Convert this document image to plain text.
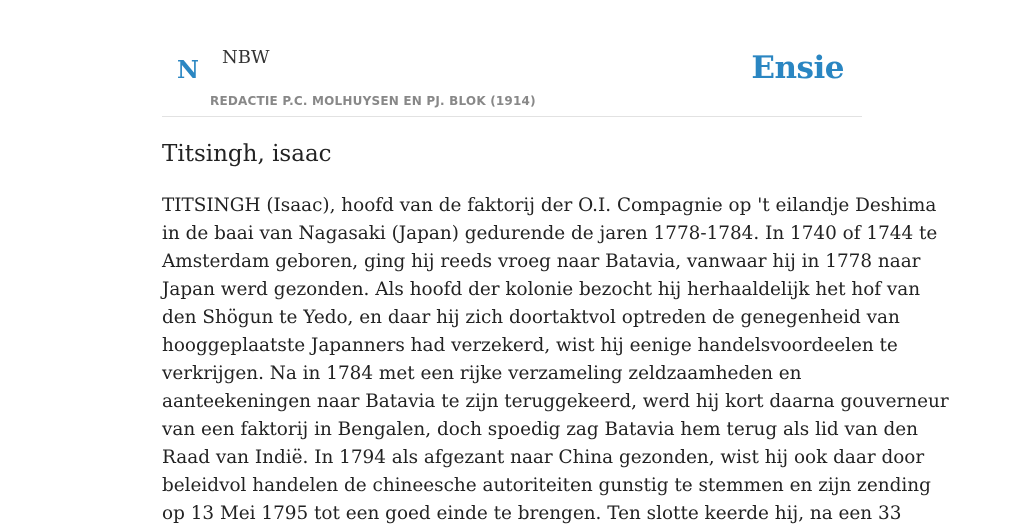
N NBW
REDACTIE P.C. MOLHUYSEN EN PJ. BLOK (1914)
Ensie
Titsingh, isaac

TITSINGH (Isaac), hoofd van de faktorij der O.I. Compagnie op 't eilandje Deshima
in de baai van Nagasaki (Japan) gedurende de jaren 1778-1784. In 1740 of 1744 te
Amsterdam geboren, ging hij reeds vroeg naar Batavia, vanwaar hij in 1778 naar
Japan werd gezonden. Als hoofd der kolonie bezocht hij herhaaldelijk het hof van
den Shögun te Yedo, en daar hij zich doortaktvol optreden de genegenheid van
hooggeplaatste Japanners had verzekerd, wist hij eenige handelsvoordeelen te
verkrijgen. Na in 1784 met een rijke verzameling zeldzaamheden en
aanteekeningen naar Batavia te zijn teruggekeerd, werd hij kort daarna gouverneur
van een faktorij in Bengalen, doch spoedig zag Batavia hem terug als lid van den
Raad van Indië. In 1794 als afgezant naar China gezonden, wist hij ook daar door
beleidvol handelen de chineesche autoriteiten gunstig te stemmen en zijn zending
op 13 Mei 1795 tot een goed einde te brengen. Ten slotte keerde hij, na een 33
